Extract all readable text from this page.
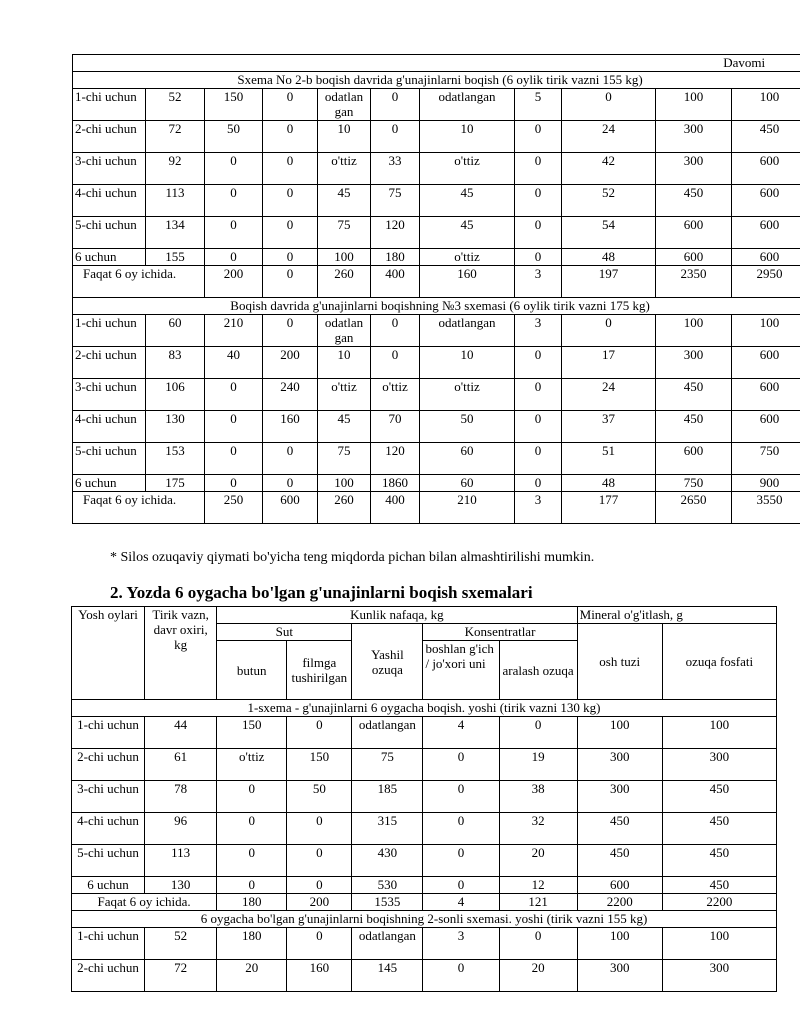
Davomi										
Sxema No 2-b boqish davrida g'unajinlarni boqish (6 oylik tirik vazni 155 kg)										
1-chi uchun	52	150	0	odatlan gan	0	odatlangan	5	0	100	100
2-chi uchun	72	50	0	10	0	10	0	24	300	450
3-chi uchun	92	0	0	o'ttiz	33	o'ttiz	0	42	300	600
4-chi uchun	113	0	0	45	75	45	0	52	450	600
5-chi uchun	134	0	0	75	120	45	0	54	600	600
6 uchun	155	0	0	100	180	o'ttiz	0	48	600	600
Faqat 6 oy ichida.		200	0	260	400	160	3	197	2350	2950
Boqish davrida g'unajinlarni boqishning №3 sxemasi (6 oylik tirik vazni 175 kg)										
1-chi uchun	60	210	0	odatlan gan	0	odatlangan	3	0	100	100
2-chi uchun	83	40	200	10	0	10	0	17	300	600
3-chi uchun	106	0	240	o'ttiz	o'ttiz	o'ttiz	0	24	450	600
4-chi uchun	130	0	160	45	70	50	0	37	450	600
5-chi uchun	153	0	0	75	120	60	0	51	600	750
6 uchun	175	0	0	100	1860	60	0	48	750	900
Faqat 6 oy ichida.		250	600	260	400	210	3	177	2650	3550
Yosh oylari	Tirik vazn, davr oxiri, kg	Kunlik nafaqa, kg					Mineral o'g'itlash, g	
		Sut		Yashil ozuqa	Konsentratlar		osh tuzi	ozuqa fosfati
		butun	filmga tushirilgan		boshlan g'ich / jo'xori uni	aralash ozuqa		
1-sxema - g'unajinlarni 6 oygacha boqish. yoshi (tirik vazni 130 kg)								
1-chi uchun	44	150	0	odatlangan	4	0	100	100
2-chi uchun	61	o'ttiz	150	75	0	19	300	300
3-chi uchun	78	0	50	185	0	38	300	450
4-chi uchun	96	0	0	315	0	32	450	450
5-chi uchun	113	0	0	430	0	20	450	450
6 uchun	130	0	0	530	0	12	600	450
Faqat 6 oy ichida.		180	200	1535	4	121	2200	2200
6 oygacha bo'lgan g'unajinlarni boqishning 2-sonli sxemasi. yoshi (tirik vazni 155 kg)								
1-chi uchun	52	180	0	odatlangan	3	0	100	100
2-chi uchun	72	20	160	145	0	20	300	300
* Silos ozuqaviy qiymati bo'yicha teng miqdorda pichan bilan almashtirilishi mumkin.
2. Yozda 6 oygacha bo'lgan g'unajinlarni boqish sxemalari
